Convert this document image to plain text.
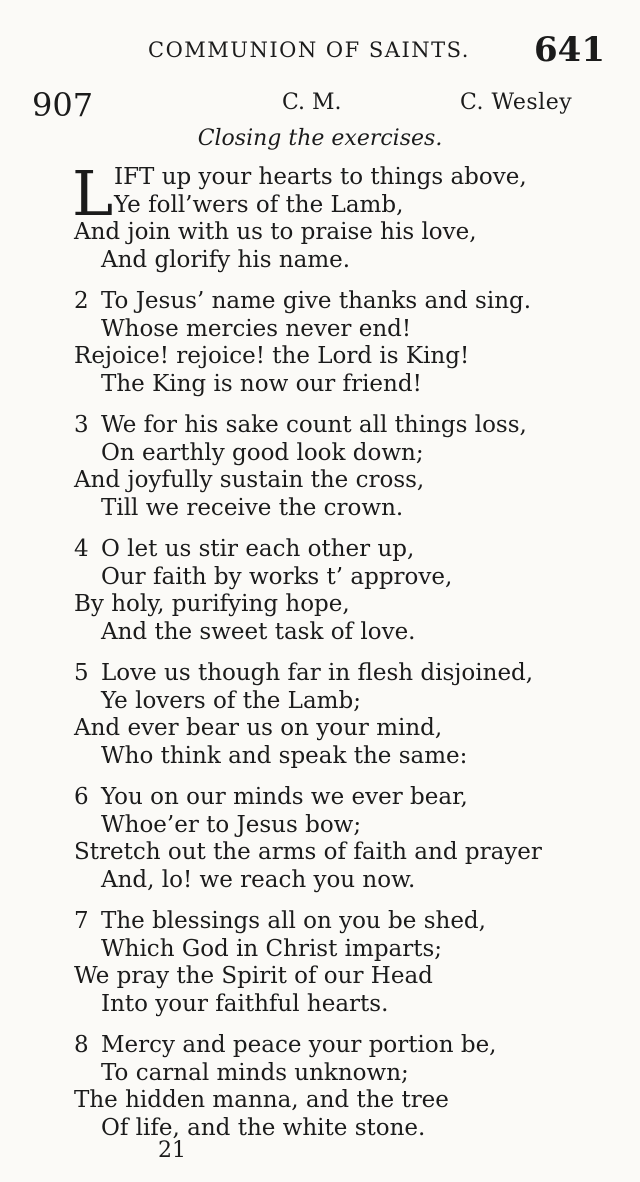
COMMUNION OF SAINTS. 641
907	C. M.	C. Wesley
Closing the exercises.
L IFT up your hearts to things above,
Ye foll’wers of the Lamb,
And join with us to praise his love,
And glorify his name.
2 To Jesus’ name give thanks and sing.
Whose mercies never end!
Rejoice! rejoice! the Lord is King!
The King is now our friend!
3 We for his sake count all things loss,
On earthly good look down;
And joyfully sustain the cross,
Till we receive the crown.
4 O let us stir each other up,
Our faith by works t’ approve,
By holy, purifying hope,
And the sweet task of love.
5 Love us though far in flesh disjoined,
Ye lovers of the Lamb;
And ever bear us on your mind,
Who think and speak the same:
6 You on our minds we ever bear,
Whoe’er to Jesus bow;
Stretch out the arms of faith and prayer
And, lo! we reach you now.
7 The blessings all on you be shed,
Which God in Christ imparts;
We pray the Spirit of our Head
Into your faithful hearts.
8 Mercy and peace your portion be,
To carnal minds unknown;
The hidden manna, and the tree
Of life, and the white stone.
21
